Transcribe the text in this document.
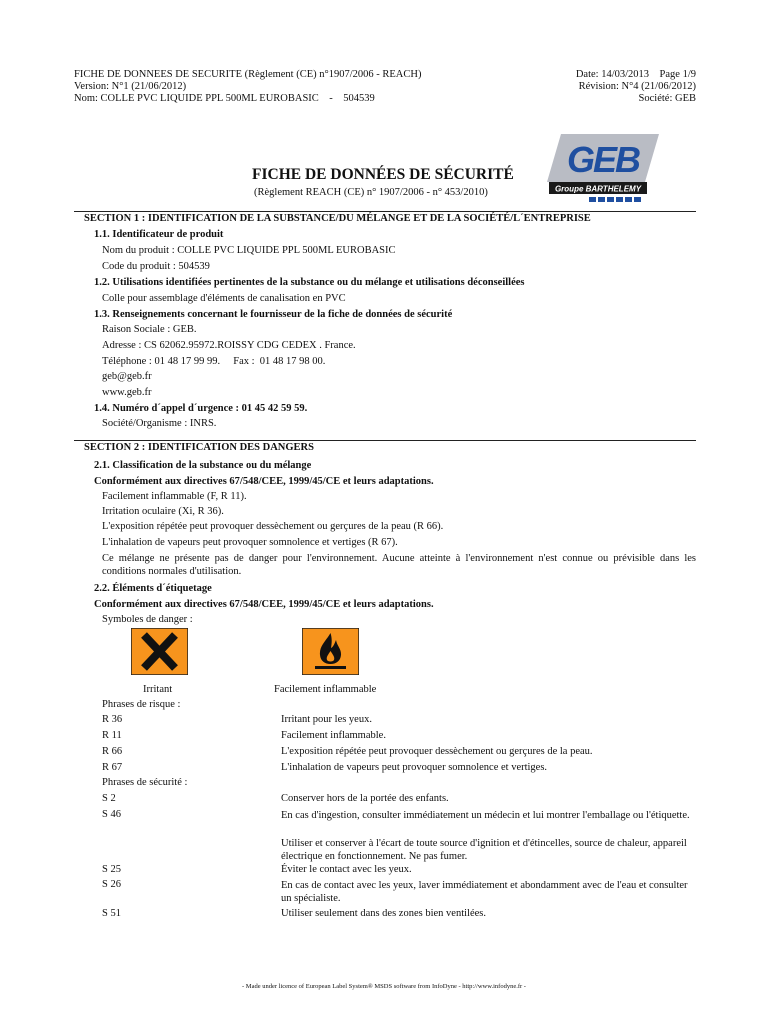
FICHE DE DONNEES DE SECURITE (Règlement (CE) n°1907/2006 - REACH)
Version: N°1 (21/06/2012)
Nom: COLLE PVC LIQUIDE PPL 500ML EUROBASIC    -    504539
Date: 14/03/2013    Page 1/9
Révision: N°4 (21/06/2012)
Société: GEB
GEB
Groupe BARTHELEMY
FICHE DE DONNÉES DE SÉCURITÉ
(Règlement REACH (CE) n° 1907/2006 - n° 453/2010)
SECTION 1 : IDENTIFICATION DE LA SUBSTANCE/DU MÉLANGE ET DE LA SOCIÉTÉ/L´ENTREPRISE
1.1. Identificateur de produit
Nom du produit : COLLE PVC LIQUIDE PPL 500ML EUROBASIC
Code du produit : 504539
1.2. Utilisations identifiées pertinentes de la substance ou du mélange et utilisations déconseillées
Colle pour assemblage d'éléments de canalisation en PVC
1.3. Renseignements concernant le fournisseur de la fiche de données de sécurité
Raison Sociale : GEB.
Adresse : CS 62062.95972.ROISSY CDG CEDEX . France.
Téléphone : 01 48 17 99 99.     Fax :  01 48 17 98 00.
geb@geb.fr
www.geb.fr
1.4. Numéro d´appel d´urgence : 01 45 42 59 59.
Société/Organisme : INRS.
SECTION 2 : IDENTIFICATION DES DANGERS
2.1. Classification de la substance ou du mélange
Conformément aux directives 67/548/CEE, 1999/45/CE et leurs adaptations.
Facilement inflammable (F, R 11).
Irritation oculaire (Xi, R 36).
L'exposition répétée peut provoquer dessèchement ou gerçures de la peau (R 66).
L'inhalation de vapeurs peut provoquer somnolence et vertiges (R 67).
Ce mélange ne présente pas de danger pour l'environnement. Aucune atteinte à l'environnement n'est connue ou prévisible dans les conditions normales d'utilisation.
2.2. Éléments d´étiquetage
Conformément aux directives 67/548/CEE, 1999/45/CE et leurs adaptations.
Symboles de danger :
Irritant	Facilement inflammable
Phrases de risque :
R 36	Irritant pour les yeux.
R 11	Facilement inflammable.
R 66	L'exposition répétée peut provoquer dessèchement ou gerçures de la peau.
R 67	L'inhalation de vapeurs peut provoquer somnolence et vertiges.
Phrases de sécurité :
S 2	Conserver hors de la portée des enfants.
S 46	En cas d'ingestion, consulter immédiatement un médecin et lui montrer l'emballage ou l'étiquette.
Utiliser et conserver à l'écart de toute source d'ignition et d'étincelles, source de chaleur, appareil électrique en fonctionnement. Ne pas fumer.
S 25	Éviter le contact avec les yeux.
S 26	En cas de contact avec les yeux, laver immédiatement et abondamment avec de l'eau et consulter un spécialiste.
S 51	Utiliser seulement dans des zones bien ventilées.
- Made under licence of European Label System® MSDS software from InfoDyne - http://www.infodyne.fr -
